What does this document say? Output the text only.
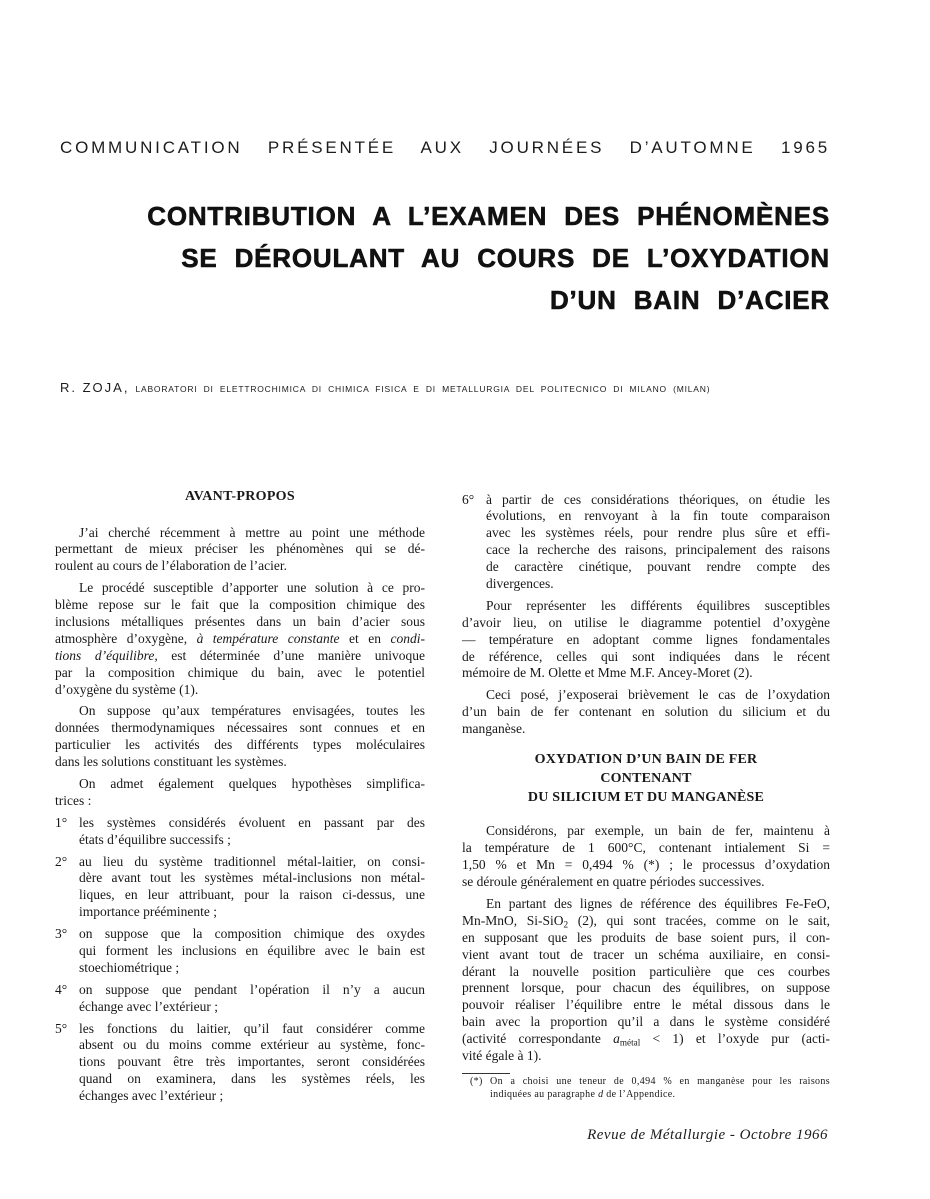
COMMUNICATION PRÉSENTÉE AUX JOURNÉES D’AUTOMNE 1965
CONTRIBUTION A L’EXAMEN DES PHÉNOMÈNES
SE DÉROULANT AU COURS DE L’OXYDATION
D’UN BAIN D’ACIER
R. ZOJA, LABORATORI DI ELETTROCHIMICA DI CHIMICA FISICA E DI METALLURGIA DEL POLITECNICO DI MILANO (MILAN)
AVANT-PROPOS
J’ai cherché récemment à mettre au point une méthode
permettant de mieux préciser les phénomènes qui se dé-
roulent au cours de l’élaboration de l’acier.
Le procédé susceptible d’apporter une solution à ce pro-
blème repose sur le fait que la composition chimique des
inclusions métalliques présentes dans un bain d’acier sous
atmosphère d’oxygène, à température constante et en condi-
tions d’équilibre, est déterminée d’une manière univoque
par la composition chimique du bain, avec le potentiel
d’oxygène du système (1).
On suppose qu’aux températures envisagées, toutes les
données thermodynamiques nécessaires sont connues et en
particulier les activités des différents types moléculaires
dans les solutions constituant les systèmes.
On admet également quelques hypothèses simplifica-
trices :
1° les systèmes considérés évoluent en passant par des
états d’équilibre successifs ;
2° au lieu du système traditionnel métal-laitier, on consi-
dère avant tout les systèmes métal-inclusions non métal-
liques, en leur attribuant, pour la raison ci-dessus, une
importance prééminente ;
3° on suppose que la composition chimique des oxydes
qui forment les inclusions en équilibre avec le bain est
stoechiométrique ;
4° on suppose que pendant l’opération il n’y a aucun
échange avec l’extérieur ;
5° les fonctions du laitier, qu’il faut considérer comme
absent ou du moins comme extérieur au système, fonc-
tions pouvant être très importantes, seront considérées
quand on examinera, dans les systèmes réels, les
échanges avec l’extérieur ;
6° à partir de ces considérations théoriques, on étudie les
évolutions, en renvoyant à la fin toute comparaison
avec les systèmes réels, pour rendre plus sûre et effi-
cace la recherche des raisons, principalement des raisons
de caractère cinétique, pouvant rendre compte des
divergences.
Pour représenter les différents équilibres susceptibles
d’avoir lieu, on utilise le diagramme potentiel d’oxygène
— température en adoptant comme lignes fondamentales
de référence, celles qui sont indiquées dans le récent
mémoire de M. Olette et Mme M.F. Ancey-Moret (2).
Ceci posé, j’exposerai brièvement le cas de l’oxydation
d’un bain de fer contenant en solution du silicium et du
manganèse.
OXYDATION D’UN BAIN DE FER
CONTENANT
DU SILICIUM ET DU MANGANÈSE
Considérons, par exemple, un bain de fer, maintenu à
la température de 1 600°C, contenant intialement Si =
1,50 % et Mn = 0,494 % (*) ; le processus d’oxydation
se déroule généralement en quatre périodes successives.
En partant des lignes de référence des équilibres Fe-FeO,
Mn-MnO, Si-SiO$_2$ (2), qui sont tracées, comme on le sait,
en supposant que les produits de base soient purs, il con-
vient avant tout de tracer un schéma auxiliaire, en consi-
dérant la nouvelle position particulière que ces courbes
prennent lorsque, pour chacun des équilibres, on suppose
pouvoir réaliser l’équilibre entre le métal dissous dans le
bain avec la proportion qu’il a dans le système considéré
(activité correspondante $a_{métal} < 1$) et l’oxyde pur (acti-
vité égale à 1).
(*) On a choisi une teneur de 0,494 % en manganèse pour les raisons
indiquées au paragraphe d de l’Appendice.
Revue de Métallurgie - Octobre 1966
